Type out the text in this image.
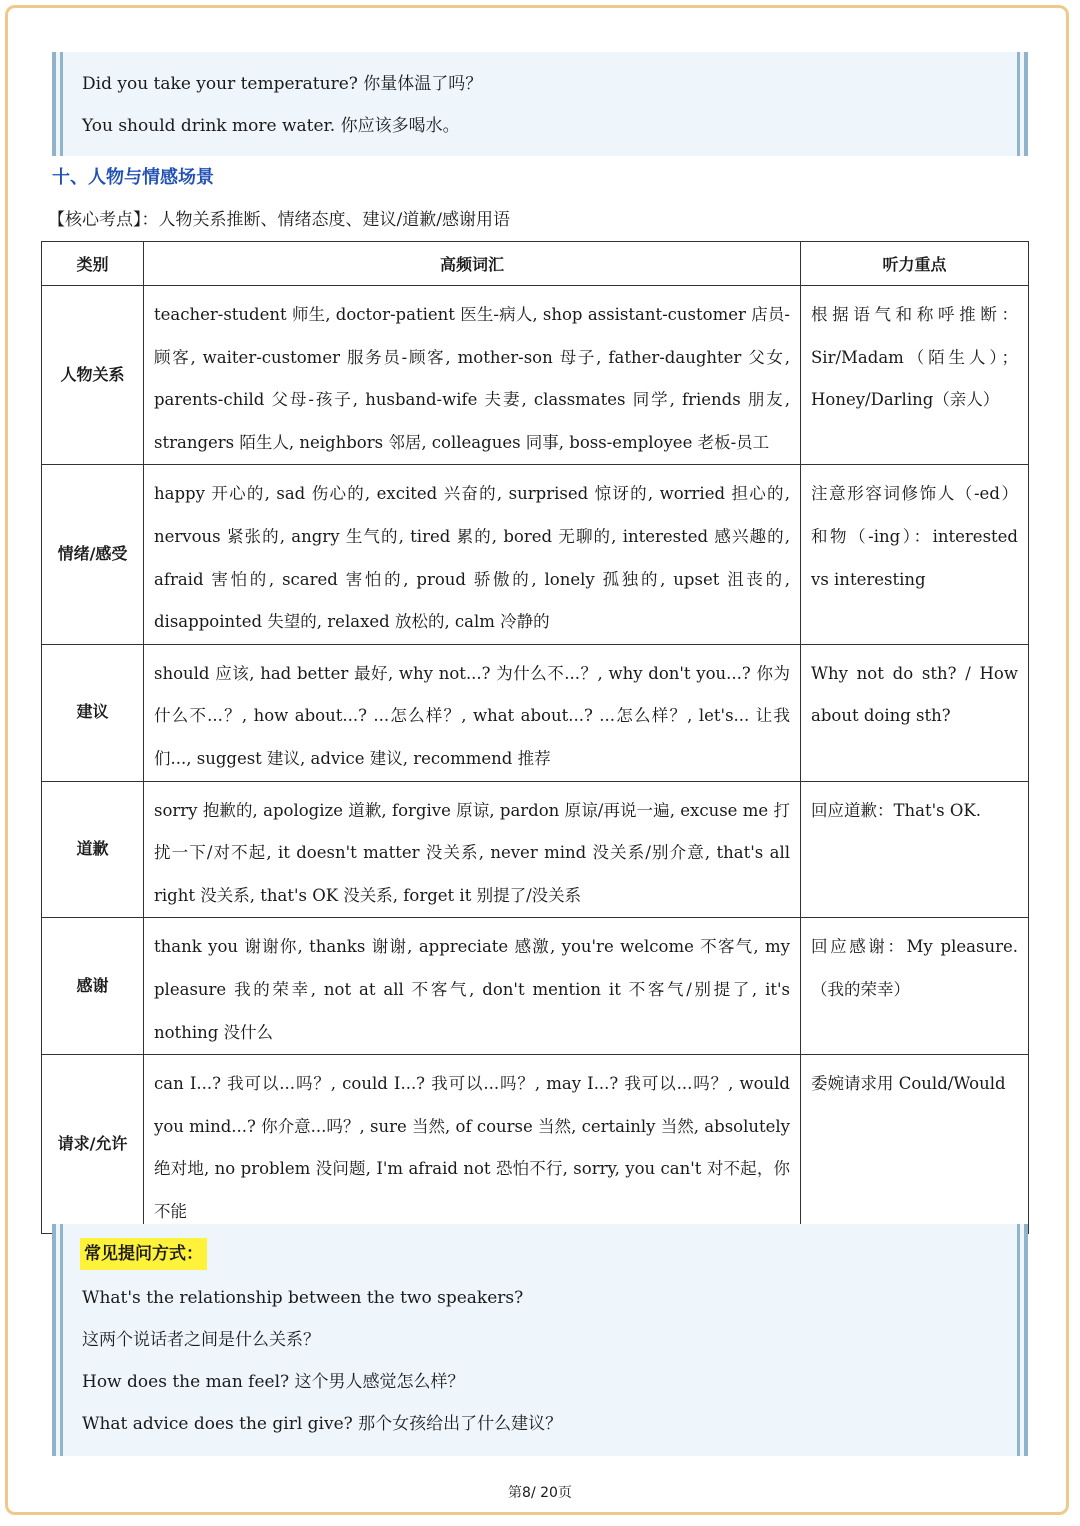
Did you take your temperature? 你量体温了吗？

You should drink more water. 你应该多喝水。

十、人物与情感场景
【核心考点】：人物关系推断、情绪态度、建议/道歉/感谢用语
类别	高频词汇	听力重点
人物关系	teacher-student 师生, doctor-patient 医生-病人, shop assistant-customer 店员-顾客, waiter-customer 服务员-顾客, mother-son 母子, father-daughter 父女, parents-child 父母-孩子, husband-wife 夫妻, classmates 同学, friends 朋友, strangers 陌生人, neighbors 邻居, colleagues 同事, boss-employee 老板-员工	根据语气和称呼推断：Sir/Madam（陌生人）；Honey/Darling（亲人）
情绪/感受	happy 开心的, sad 伤心的, excited 兴奋的, surprised 惊讶的, worried 担心的, nervous 紧张的, angry 生气的, tired 累的, bored 无聊的, interested 感兴趣的, afraid 害怕的, scared 害怕的, proud 骄傲的, lonely 孤独的, upset 沮丧的, disappointed 失望的, relaxed 放松的, calm 冷静的	注意形容词修饰人（-ed）和物（-ing）：interested vs interesting
建议	should 应该, had better 最好, why not...? 为什么不...？, why don't you...? 你为什么不...？, how about...? ...怎么样？, what about...? ...怎么样？, let's... 让我们..., suggest 建议, advice 建议, recommend 推荐	Why not do sth? / How about doing sth?
道歉	sorry 抱歉的, apologize 道歉, forgive 原谅, pardon 原谅/再说一遍, excuse me 打扰一下/对不起, it doesn't matter 没关系, never mind 没关系/别介意, that's all right 没关系, that's OK 没关系, forget it 别提了/没关系	回应道歉：That's OK.
感谢	thank you 谢谢你, thanks 谢谢, appreciate 感激, you're welcome 不客气, my pleasure 我的荣幸, not at all 不客气, don't mention it 不客气/别提了, it's nothing 没什么	回应感谢：My pleasure.（我的荣幸）
请求/允许	can I...? 我可以...吗？, could I...? 我可以...吗？, may I...? 我可以...吗？, would you mind...? 你介意...吗？, sure 当然, of course 当然, certainly 当然, absolutely 绝对地, no problem 没问题, I'm afraid not 恐怕不行, sorry, you can't 对不起，你不能	委婉请求用 Could/Would

What's the relationship between the two speakers?

这两个说话者之间是什么关系？

How does the man feel? 这个男人感觉怎么样？

What advice does the girl give? 那个女孩给出了什么建议？

常见提问方式：
第8/ 20页
